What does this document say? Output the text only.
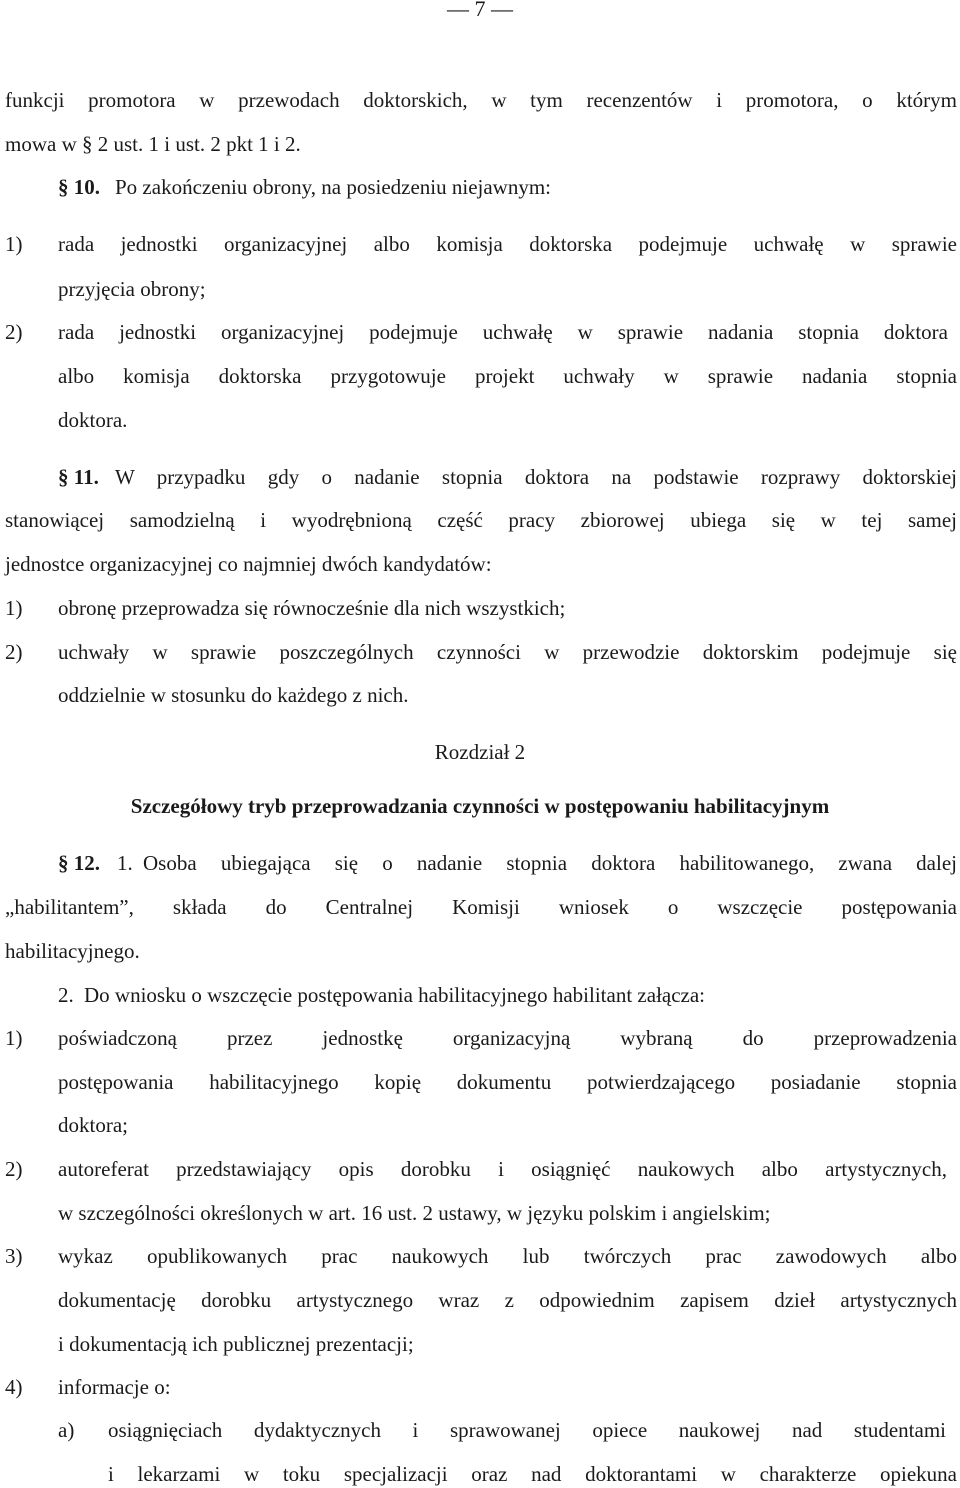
— 7 —
funkcji promotora w przewodach doktorskich, w tym recenzentów i promotora, o którym
mowa w § 2 ust. 1 i ust. 2 pkt 1 i 2.
§ 10. Po zakończeniu obrony, na posiedzeniu niejawnym:
1) rada jednostki organizacyjnej albo komisja doktorska podejmuje uchwałę w sprawie
przyjęcia obrony;
2) rada jednostki organizacyjnej podejmuje uchwałę w sprawie nadania stopnia doktora
albo komisja doktorska przygotowuje projekt uchwały w sprawie nadania stopnia
doktora.
§ 11. W przypadku gdy o nadanie stopnia doktora na podstawie rozprawy doktorskiej
stanowiącej samodzielną i wyodrębnioną część pracy zbiorowej ubiega się w tej samej
jednostce organizacyjnej co najmniej dwóch kandydatów:
1) obronę przeprowadza się równocześnie dla nich wszystkich;
2) uchwały w sprawie poszczególnych czynności w przewodzie doktorskim podejmuje się
oddzielnie w stosunku do każdego z nich.
Rozdział 2
Szczegółowy tryb przeprowadzania czynności w postępowaniu habilitacyjnym
§ 12. 1. Osoba ubiegająca się o nadanie stopnia doktora habilitowanego, zwana dalej
„habilitantem”, składa do Centralnej Komisji wniosek o wszczęcie postępowania
habilitacyjnego.
2. Do wniosku o wszczęcie postępowania habilitacyjnego habilitant załącza:
1) poświadczoną przez jednostkę organizacyjną wybraną do przeprowadzenia
postępowania habilitacyjnego kopię dokumentu potwierdzającego posiadanie stopnia
doktora;
2) autoreferat przedstawiający opis dorobku i osiągnięć naukowych albo artystycznych,
w szczególności określonych w art. 16 ust. 2 ustawy, w języku polskim i angielskim;
3) wykaz opublikowanych prac naukowych lub twórczych prac zawodowych albo
dokumentację dorobku artystycznego wraz z odpowiednim zapisem dzieł artystycznych
i dokumentacją ich publicznej prezentacji;
4) informacje o:
a) osiągnięciach dydaktycznych i sprawowanej opiece naukowej nad studentami
i lekarzami w toku specjalizacji oraz nad doktorantami w charakterze opiekuna
